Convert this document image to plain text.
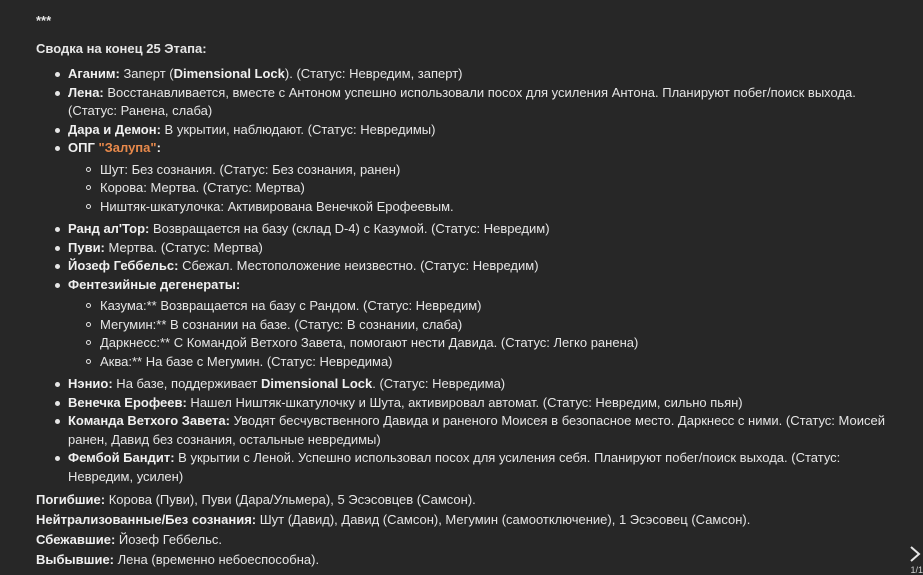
***
Сводка на конец 25 Этапа:
Аганим: Заперт (Dimensional Lock). (Статус: Невредим, заперт)
Лена: Восстанавливается, вместе с Антоном успешно использовали посох для усиления Антона. Планируют побег/поиск выхода. (Статус: Ранена, слаба)
Дара и Демон: В укрытии, наблюдают. (Статус: Невредимы)
ОПГ "Залупа":
Шут: Без сознания. (Статус: Без сознания, ранен)
Корова: Мертва. (Статус: Мертва)
Ништяк-шкатулочка: Активирована Венечкой Ерофеевым.
Ранд ал'Тор: Возвращается на базу (склад D-4) с Казумой. (Статус: Невредим)
Пуви: Мертва. (Статус: Мертва)
Йозеф Геббельс: Сбежал. Местоположение неизвестно. (Статус: Невредим)
Фентезийные дегенераты:
Казума:** Возвращается на базу с Рандом. (Статус: Невредим)
Мегумин:** В сознании на базе. (Статус: В сознании, слаба)
Даркнесс:** С Командой Ветхого Завета, помогают нести Давида. (Статус: Легко ранена)
Аква:** На базе с Мегумин. (Статус: Невредима)
Нэнио: На базе, поддерживает Dimensional Lock. (Статус: Невредима)
Венечка Ерофеев: Нашел Ништяк-шкатулочку и Шута, активировал автомат. (Статус: Невредим, сильно пьян)
Команда Ветхого Завета: Уводят бесчувственного Давида и раненого Моисея в безопасное место. Даркнесс с ними. (Статус: Моисей ранен, Давид без сознания, остальные невредимы)
Фембой Бандит: В укрытии с Леной. Успешно использовал посох для усиления себя. Планируют побег/поиск выхода. (Статус: Невредим, усилен)
Погибшие: Корова (Пуви), Пуви (Дара/Ульмера), 5 Эсэсовцев (Самсон).
Нейтрализованные/Без сознания: Шут (Давид), Давид (Самсон), Мегумин (самоотключение), 1 Эсэсовец (Самсон).
Сбежавшие: Йозеф Геббельс.
Выбывшие: Лена (временно небоеспособна).
1/1
